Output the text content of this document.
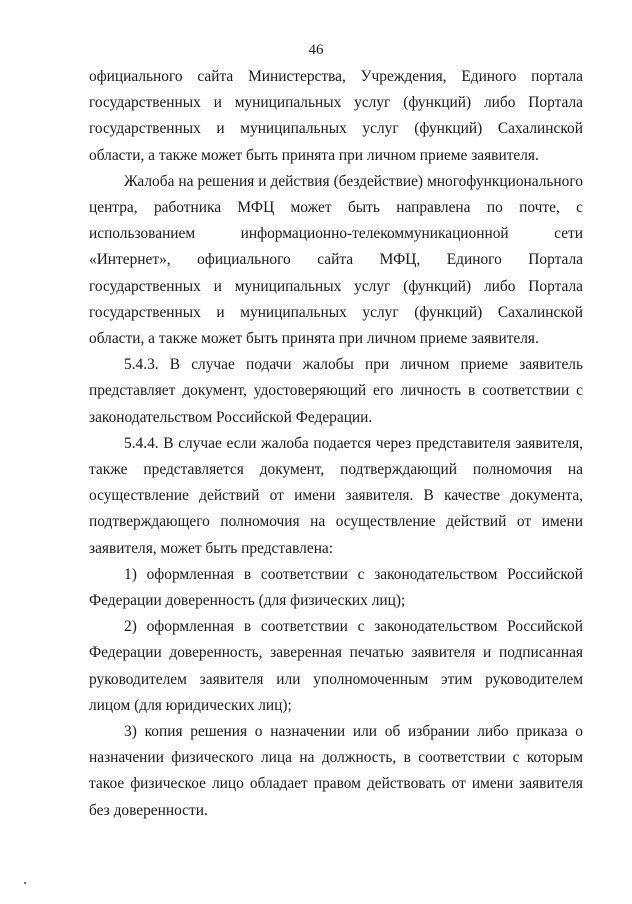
46

официального сайта Министерства, Учреждения, Единого портала государственных и муниципальных услуг (функций) либо Портала государственных и муниципальных услуг (функций) Сахалинской области, а также может быть принята при личном приеме заявителя.

Жалоба на решения и действия (бездействие) многофункционального центра, работника МФЦ может быть направлена по почте, с использованием информационно-телекоммуникационной сети «Интернет», официального сайта МФЦ, Единого Портала государственных и муниципальных услуг (функций) либо Портала государственных и муниципальных услуг (функций) Сахалинской области, а также может быть принята при личном приеме заявителя.

5.4.3. В случае подачи жалобы при личном приеме заявитель представляет документ, удостоверяющий его личность в соответствии с законодательством Российской Федерации.

5.4.4. В случае если жалоба подается через представителя заявителя, также представляется документ, подтверждающий полномочия на осуществление действий от имени заявителя. В качестве документа, подтверждающего полномочия на осуществление действий от имени заявителя, может быть представлена:

1) оформленная в соответствии с законодательством Российской Федерации доверенность (для физических лиц);

2) оформленная в соответствии с законодательством Российской Федерации доверенность, заверенная печатью заявителя и подписанная руководителем заявителя или уполномоченным этим руководителем лицом (для юридических лиц);

3) копия решения о назначении или об избрании либо приказа о назначении физического лица на должность, в соответствии с которым такое физическое лицо обладает правом действовать от имени заявителя без доверенности.
